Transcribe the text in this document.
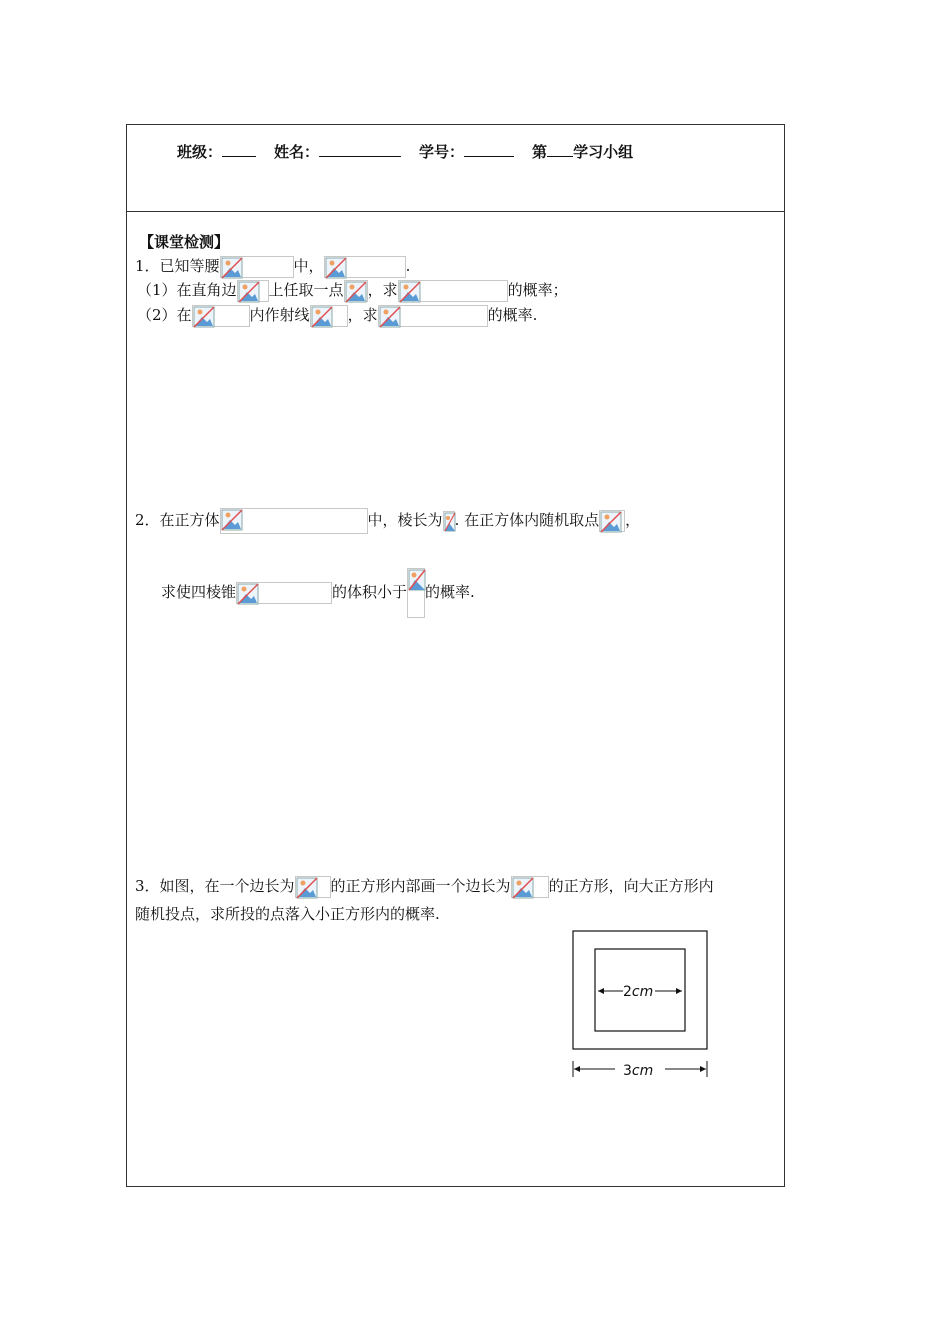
班级：	姓名：	学号：	第 学习小组
【课堂检测】
1．已知等腰	中，	.
（1）在直角边 上任取一点 ，求	的概率；
（2）在	内作射线	，求	的概率.
2．在正方体	中，棱长为 . 在正方体内随机取点 ，
求使四棱锥	的体积小于 的概率.
3．如图，在一个边长为 的正方形内部画一个边长为	的正方形，向大正方形内
随机投点，求所投的点落入小正方形内的概率.
2cm
3cm
